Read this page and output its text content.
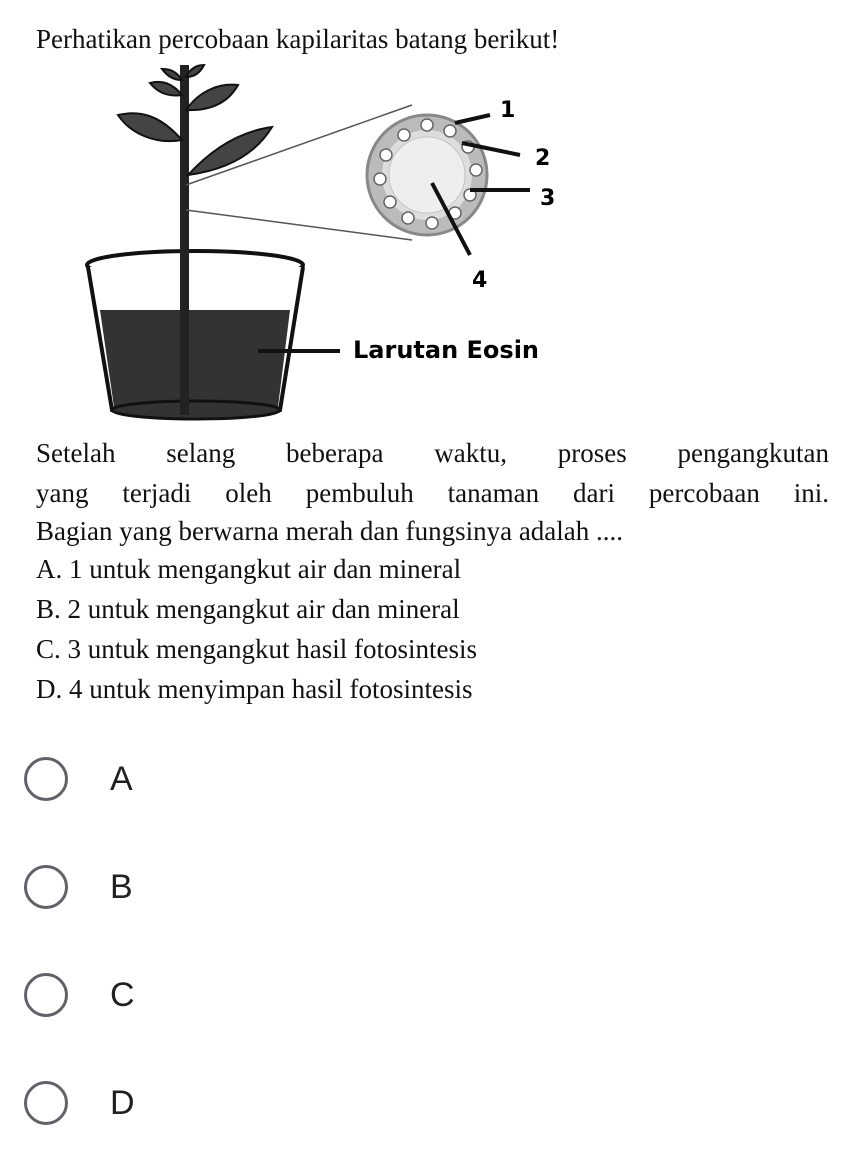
Perhatikan percobaan kapilaritas batang berikut!
1
2
3
4
Larutan Eosin
Setelah selang beberapa waktu, proses pengangkutan
yang terjadi oleh pembuluh tanaman dari percobaan ini.
Bagian yang berwarna merah dan fungsinya adalah ....
A. 1 untuk mengangkut air dan mineral
B. 2 untuk mengangkut air dan mineral
C. 3 untuk mengangkut hasil fotosintesis
D. 4 untuk menyimpan hasil fotosintesis
A
B
C
D
